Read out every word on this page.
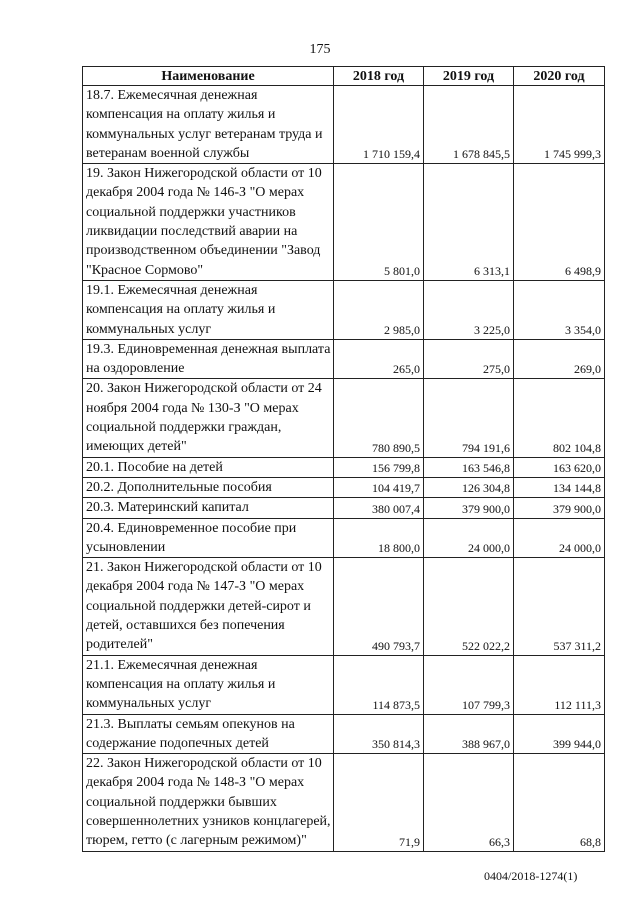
175
Наименование	2018 год	2019 год	2020 год
18.7. Ежемесячная денежная компенсация на оплату жилья и коммунальных услуг ветеранам труда и ветеранам военной службы	1 710 159,4	1 678 845,5	1 745 999,3
19. Закон Нижегородской области от 10 декабря 2004 года № 146-З "О мерах социальной поддержки участников ликвидации последствий аварии на производственном объединении "Завод "Красное Сормово"	5 801,0	6 313,1	6 498,9
19.1. Ежемесячная денежная компенсация на оплату жилья и коммунальных услуг	2 985,0	3 225,0	3 354,0
19.3. Единовременная денежная выплата на оздоровление	265,0	275,0	269,0
20. Закон Нижегородской области от 24 ноября 2004 года № 130-З "О мерах социальной поддержки граждан, имеющих детей"	780 890,5	794 191,6	802 104,8
20.1. Пособие на детей	156 799,8	163 546,8	163 620,0
20.2. Дополнительные пособия	104 419,7	126 304,8	134 144,8
20.3. Материнский капитал	380 007,4	379 900,0	379 900,0
20.4. Единовременное пособие при усыновлении	18 800,0	24 000,0	24 000,0
21. Закон Нижегородской области от 10 декабря 2004 года № 147-З "О мерах социальной поддержки детей-сирот и детей, оставшихся без попечения родителей"	490 793,7	522 022,2	537 311,2
21.1. Ежемесячная денежная компенсация на оплату жилья и коммунальных услуг	114 873,5	107 799,3	112 111,3
21.3. Выплаты семьям опекунов на содержание подопечных детей	350 814,3	388 967,0	399 944,0
22. Закон Нижегородской области от 10 декабря 2004 года № 148-З "О мерах социальной поддержки бывших совершеннолетних узников концлагерей, тюрем, гетто (с лагерным режимом)"	71,9	66,3	68,8
0404/2018-1274(1)
